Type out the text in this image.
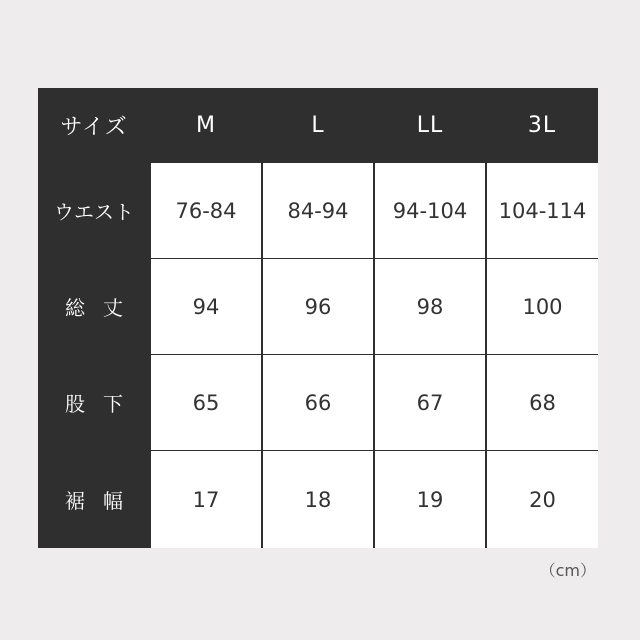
サイズ	M	L	LL	3L
ウエスト	76-84	84-94	94-104	104-114
総丈	94	96	98	100
股下	65	66	67	68
裾幅	17	18	19	20
（cm）
